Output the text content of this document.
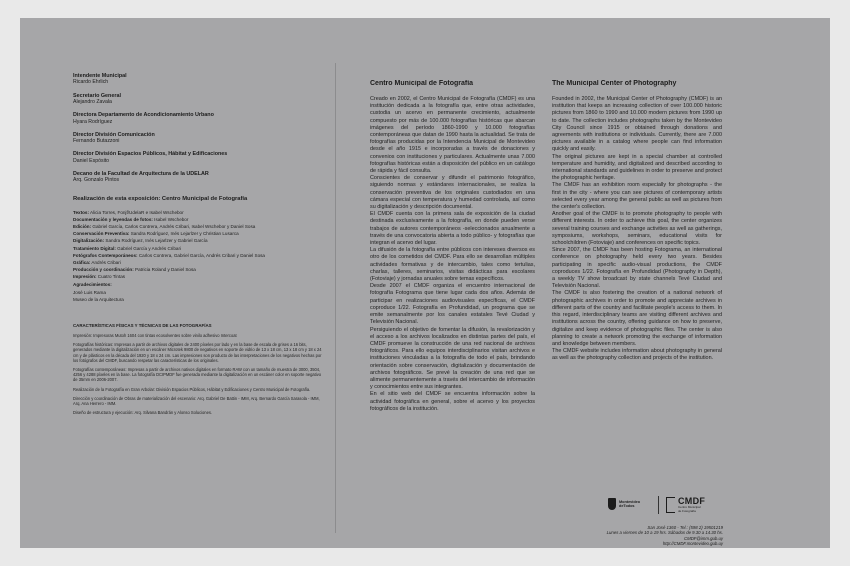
Intendente Municipal
Ricardo Ehrlich
Secretario General
Alejandro Zavala
Directora Departamento de Acondicionamiento Urbano
Hyara Rodríguez
Director División Comunicación
Fernando Butazzoni
Director División Espacios Públicos, Hábitat y Edificaciones
Daniel Espósito
Decano de la Facultad de Arquitectura de la UDELAR
Arq. Gonzalo Pintos
Realización de esta exposición: Centro Municipal de Fotografía
Textos: Alicia Torres, Fonjf/UdelaR e Isabel Wschebor
Documentación y leyendas de fotos: Isabel Wschebor
Edición: Gabriel García, Carlos Contrera, Andrés Cribari, Isabel Wschebor y Daniel Sosa
Conservación Preventiva: Sandra Rodríguez, Inés Lejarlzer y Christian Lusarca
Digitalización: Sandra Rodríguez, Inés Lejarlzer y Gabriel García
Tratamiento Digital: Gabriel García y Andrés Cribari
Fotógrafos Contemporáneos: Carlos Contrera, Gabriel García, Andrés Cribari y Daniel Sosa
Gráfica: Andrés Cribari
Producción y coordinación: Patricia Roland y Daniel Sosa
Impresión: Cuatro Tintas
Agradecimientos:
José Luis Rama
Museo de la Arquitectura
CARACTERÍSTICAS FÍSICAS Y TÉCNICAS DE LAS FOTOGRAFÍAS

Impresión: Impresoras Mutoh 1604 con tintas ecosolventes sobre vinilo adhesivo Intercoat

Fotografías históricas: Impresas a partir de archivos digitales de 2400 píxeles por lado y en la base de escala de grises a 16 bits, generados mediante la digitalización en un escáner Microtek 9800 de negativos en soporte de vidrio de 13 x 18 cm, 13 x 18 cm y 18 x 24 cm y de plásticos en la década del 1920 y 18 x 24 cm. Las impresiones son producto de las interpretaciones de los negativos hechas por los fotógrafos del CMDF, buscando respetar las características de los originales.

Fotografías contemporáneas: Impresas a partir de archivos nativos digitales en formato RAW con un tamaño de muestra de 3000, 3504, 4256 y 4288 píxeles en la base. La fotografía DCIPMDF fue generada mediante la digitalización en un escáner color en soporte negativo de 35mm en 2006-2007.

Realización de la Fotografía en Gran Arbolar: División Espacios Públicos, Hábitat y Edificaciones y Centro Municipal de Fotografía.

Dirección y coordinación de Obras de materialización del escenario: Arq. Gabriel De Battin - IMM, Arq. Bernardo García Sarasola - IMM, Arq. Ana Herrero - IMM.

Diseño de estructura y ejecución: Arq. Silvana Bandrán y Alonso Soluciones.

Centro Municipal de Fotografía

Creado en 2002, el Centro Municipal de Fotografía (CMDF) es una institución dedicada a la fotografía que, entre otras actividades, custodia un acervo en permanente crecimiento, actualmente compuesto por más de 100.000 fotografías históricas que abarcan imágenes del período 1860-1990 y 10.000 fotografías contemporáneas que datan de 1990 hasta la actualidad. Se trata de fotografías producidas por la Intendencia Municipal de Montevideo desde el año 1915 e incorporadas a través de donaciones y convenios con instituciones y particulares. Actualmente unas 7.000 fotografías históricas están a disposición del público en un catálogo de rápida y fácil consulta.

Conscientes de conservar y difundir el patrimonio fotográfico, siguiendo normas y estándares internacionales, se realiza la conservación preventiva de los originales custodiados en una cámara especial con temperatura y humedad controlada, así como su digitalización y descripción documental.

El CMDF cuenta con la primera sala de exposición de la ciudad destinada exclusivamente a la fotografía, en donde pueden verse trabajos de autores contemporáneos -seleccionados anualmente a través de una convocatoria abierta a todo público- y fotografías que integran el acervo del lugar.

La difusión de la fotografía entre públicos con intereses diversos es otro de los cometidos del CMDF. Para ello se desarrollan múltiples actividades formativas y de intercambio, tales como tertulias, charlas, talleres, seminarios, visitas didácticas para escolares (Fotoviaje) y jornadas anuales sobre temas específicos.

Desde 2007 el CMDF organiza el encuentro internacional de fotografía Fotograma que tiene lugar cada dos años. Además de participar en realizaciones audiovisuales específicas, el CMDF coproduce 1/22. Fotografía en Profundidad, un programa que se emite semanalmente por los canales estatales Tevé Ciudad y Televisión Nacional.

Persiguiendo el objetivo de fomentar la difusión, la revalorización y el acceso a los archivos localizados en distintas partes del país, el CMDF promueve la construcción de una red nacional de archivos fotográficos. Para ello equipos interdisciplinarios visitan archivos e instituciones vinculadas a la fotografía de todo el país, brindando orientación sobre conservación, digitalización y documentación de archivos fotográficos. Se prevé la creación de una red que se alimente permanentemente a través del intercambio de información y conocimientos entre sus integrantes.

En el sitio web del CMDF se encuentra información sobre la actividad fotográfica en general, sobre el acervo y los proyectos fotográficos de la institución.

The Municipal Center of Photography

Founded in 2002, the Municipal Center of Photography (CMDF) is an institution that keeps an increasing collection of over 100.000 historic pictures from 1860 to 1990 and 10.000 modern pictures from 1990 up to date. The collection includes photographs taken by the Montevideo City Council since 1915 or obtained through donations and agreements with institutions or individuals. Currently, there are 7.000 pictures available in a catalog where people can find information quickly and easily.

The original pictures are kept in a special chamber at controlled temperature and humidity, and digitalized and described according to international standards and guidelines in order to preserve and protect the photographic heritage.

The CMDF has an exhibition room especially for photographs - the first in the city - where you can see pictures of contemporary artists selected every year among the general public as well as pictures from the center's collection.

Another goal of the CMDF is to promote photography to people with different interests. In order to achieve this goal, the center organizes several training courses and exchange activities as well as gatherings, symposiums, workshops, seminars, educational visits for schoolchildren (Fotoviaje) and conferences on specific topics.

Since 2007, the CMDF has been hosting Fotograma, an international conference on photography held every two years. Besides participating in specific audio-visual productions, the CMDF coproduces 1/22. Fotografía en Profundidad (Photography in Depth), a weekly TV show broadcast by state channels Tevé Ciudad and Televisión Nacional.

The CMDF is also fostering the creation of a national network of photographic archives in order to promote and appreciate archives in different parts of the country and facilitate people's access to them. In this regard, interdisciplinary teams are visiting different archives and institutions across the country, offering guidance on how to preserve, digitalize and keep evidence of photographic files. The center is also planning to create a network promoting the exchange of information and knowledge between members.

The CMDF website includes information about photography in general as well as the photography collection and projects of the institution.

Montevideo
deTodos	CMDF
Centro Municipal
de Fotografía
San José 1360 - Tel.: (598 2) 19501219
Lunes a viernes de 10 a 19 hrs. Sábados de 9.30 a 14.30 hs.
CMDF@imm.gub.uy
http://CMDF.montevideo.gub.uy
